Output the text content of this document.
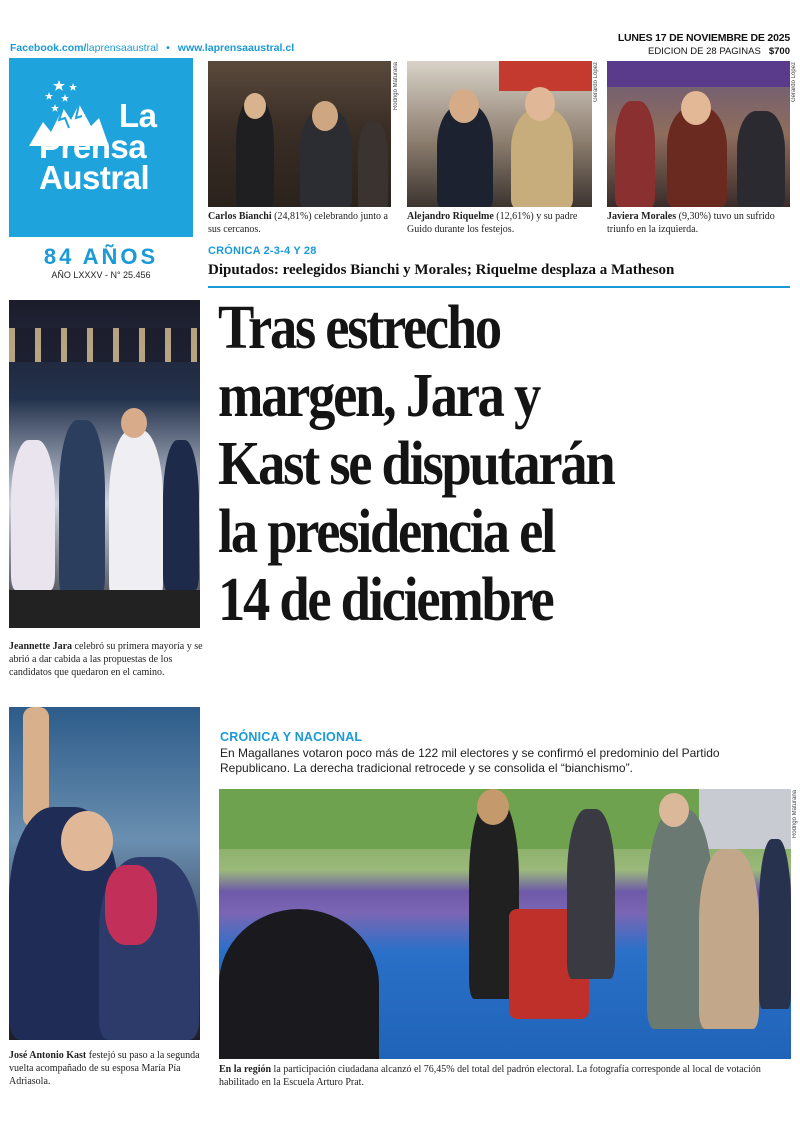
Facebook.com/laprensaaustral • www.laprensaaustral.cl
LUNES 17 DE NOVIEMBRE DE 2025
EDICION DE 28 PAGINAS $700
La
Prensa
Austral
84 AÑOS
AÑO LXXXV - N° 25.456
Rodrigo Maturana	Gerardo López	Gerardo López
Carlos Bianchi (24,81%) celebrando junto a sus cercanos.
Alejandro Riquelme (12,61%) y su padre Guido durante los festejos.
Javiera Morales (9,30%) tuvo un sufrido triunfo en la izquierda.
CRÓNICA 2-3-4 Y 28
Diputados: reelegidos Bianchi y Morales; Riquelme desplaza a Matheson
Tras estrecho
margen, Jara y
Kast se disputarán
la presidencia el
14 de diciembre
Jeannette Jara celebró su primera mayoría y se abrió a dar cabida a las propuestas de los candidatos que quedaron en el camino.
José Antonio Kast festejó su paso a la segunda vuelta acompañado de su esposa María Pía Adriasola.
CRÓNICA Y NACIONAL
En Magallanes votaron poco más de 122 mil electores y se confirmó el predominio del Partido Republicano. La derecha tradicional retrocede y se consolida el “bianchismo”.
Rodrigo Maturana
En la región la participación ciudadana alcanzó el 76,45% del total del padrón electoral. La fotografía corresponde al local de votación habilitado en la Escuela Arturo Prat.
